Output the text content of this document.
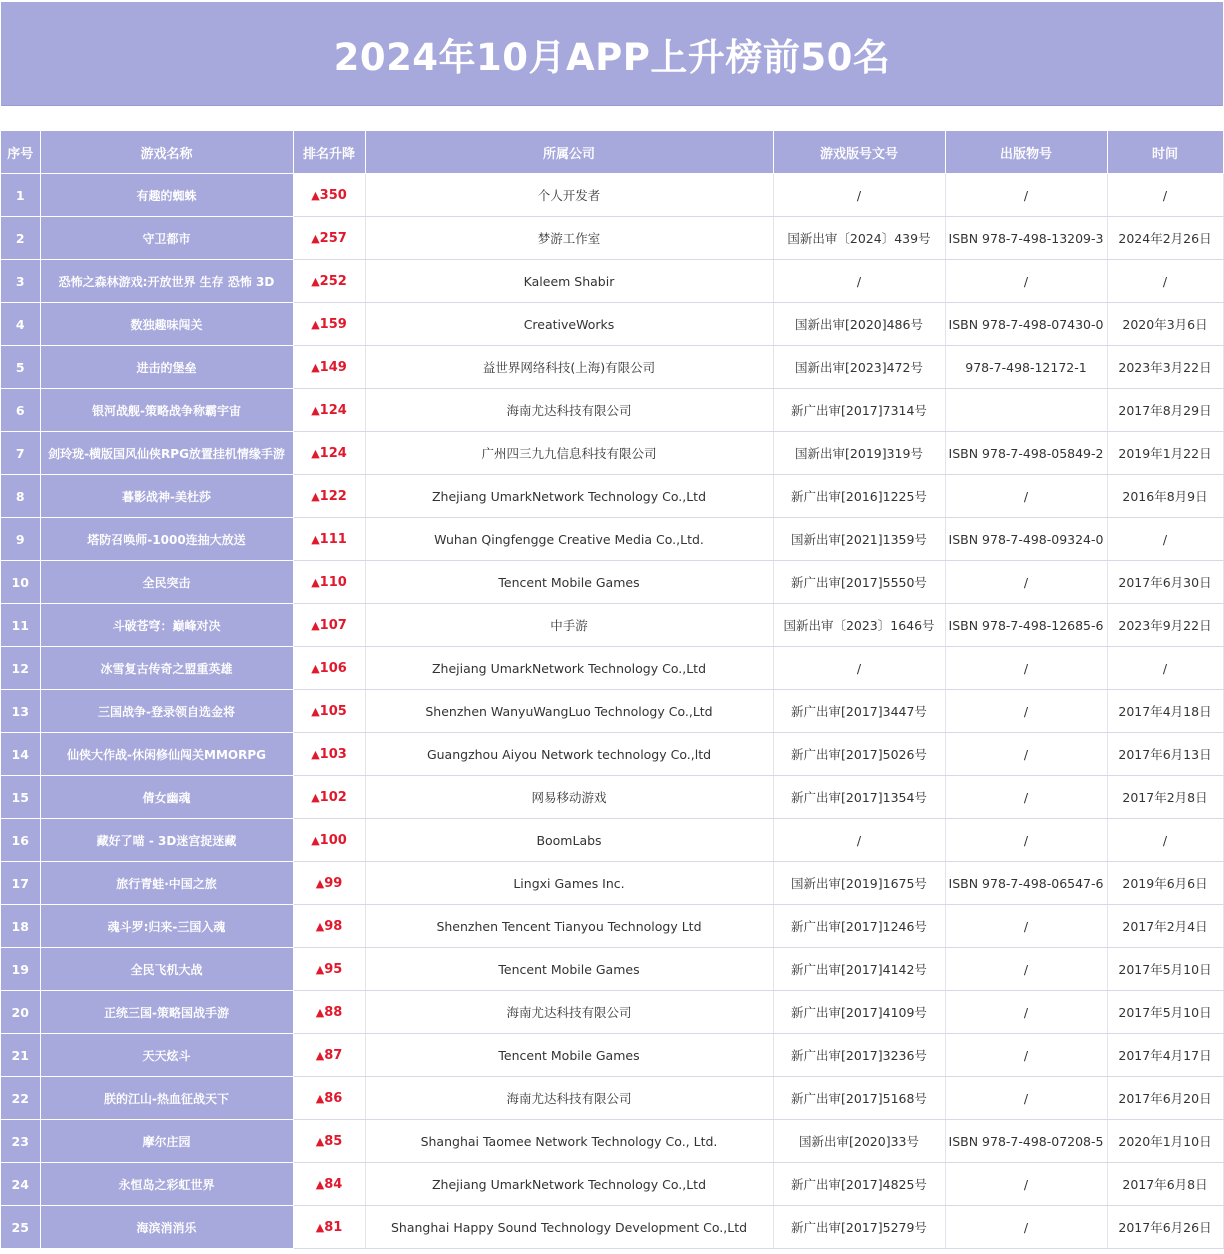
2024年10月APP上升榜前50名
序号	游戏名称	排名升降	所属公司	游戏版号文号	出版物号	时间
1	有趣的蜘蛛	▲350	个人开发者	/	/	/
2	守卫都市	▲257	梦游工作室	国新出审〔2024〕439号	ISBN 978-7-498-13209-3	2024年2月26日
3	恐怖之森林游戏:开放世界 生存 恐怖 3D	▲252	Kaleem Shabir	/	/	/
4	数独趣味闯关	▲159	CreativeWorks	国新出审[2020]486号	ISBN 978-7-498-07430-0	2020年3月6日
5	进击的堡垒	▲149	益世界网络科技(上海)有限公司	国新出审[2023]472号	978-7-498-12172-1	2023年3月22日
6	银河战舰-策略战争称霸宇宙	▲124	海南尤达科技有限公司	新广出审[2017]7314号		2017年8月29日
7	剑玲珑-横版国风仙侠RPG放置挂机情缘手游	▲124	广州四三九九信息科技有限公司	国新出审[2019]319号	ISBN 978-7-498-05849-2	2019年1月22日
8	暮影战神-美杜莎	▲122	Zhejiang UmarkNetwork Technology Co.,Ltd	新广出审[2016]1225号	/	2016年8月9日
9	塔防召唤师-1000连抽大放送	▲111	Wuhan Qingfengge Creative Media Co.,Ltd.	国新出审[2021]1359号	ISBN 978-7-498-09324-0	/
10	全民突击	▲110	Tencent Mobile Games	新广出审[2017]5550号	/	2017年6月30日
11	斗破苍穹：巅峰对决	▲107	中手游	国新出审〔2023〕1646号	ISBN 978-7-498-12685-6	2023年9月22日
12	冰雪复古传奇之盟重英雄	▲106	Zhejiang UmarkNetwork Technology Co.,Ltd	/	/	/
13	三国战争-登录领自选金将	▲105	Shenzhen WanyuWangLuo Technology Co.,Ltd	新广出审[2017]3447号	/	2017年4月18日
14	仙侠大作战-休闲修仙闯关MMORPG	▲103	Guangzhou Aiyou Network technology Co.,ltd	新广出审[2017]5026号	/	2017年6月13日
15	倩女幽魂	▲102	网易移动游戏	新广出审[2017]1354号	/	2017年2月8日
16	藏好了喵 - 3D迷宫捉迷藏	▲100	BoomLabs	/	/	/
17	旅行青蛙·中国之旅	▲99	Lingxi Games Inc.	国新出审[2019]1675号	ISBN 978-7-498-06547-6	2019年6月6日
18	魂斗罗:归来-三国入魂	▲98	Shenzhen Tencent Tianyou Technology Ltd	新广出审[2017]1246号	/	2017年2月4日
19	全民飞机大战	▲95	Tencent Mobile Games	新广出审[2017]4142号	/	2017年5月10日
20	正统三国-策略国战手游	▲88	海南尤达科技有限公司	新广出审[2017]4109号	/	2017年5月10日
21	天天炫斗	▲87	Tencent Mobile Games	新广出审[2017]3236号	/	2017年4月17日
22	朕的江山-热血征战天下	▲86	海南尤达科技有限公司	新广出审[2017]5168号	/	2017年6月20日
23	摩尔庄园	▲85	Shanghai Taomee Network Technology Co., Ltd.	国新出审[2020]33号	ISBN 978-7-498-07208-5	2020年1月10日
24	永恒岛之彩虹世界	▲84	Zhejiang UmarkNetwork Technology Co.,Ltd	新广出审[2017]4825号	/	2017年6月8日
25	海滨消消乐	▲81	Shanghai Happy Sound Technology Development Co.,Ltd	新广出审[2017]5279号	/	2017年6月26日
